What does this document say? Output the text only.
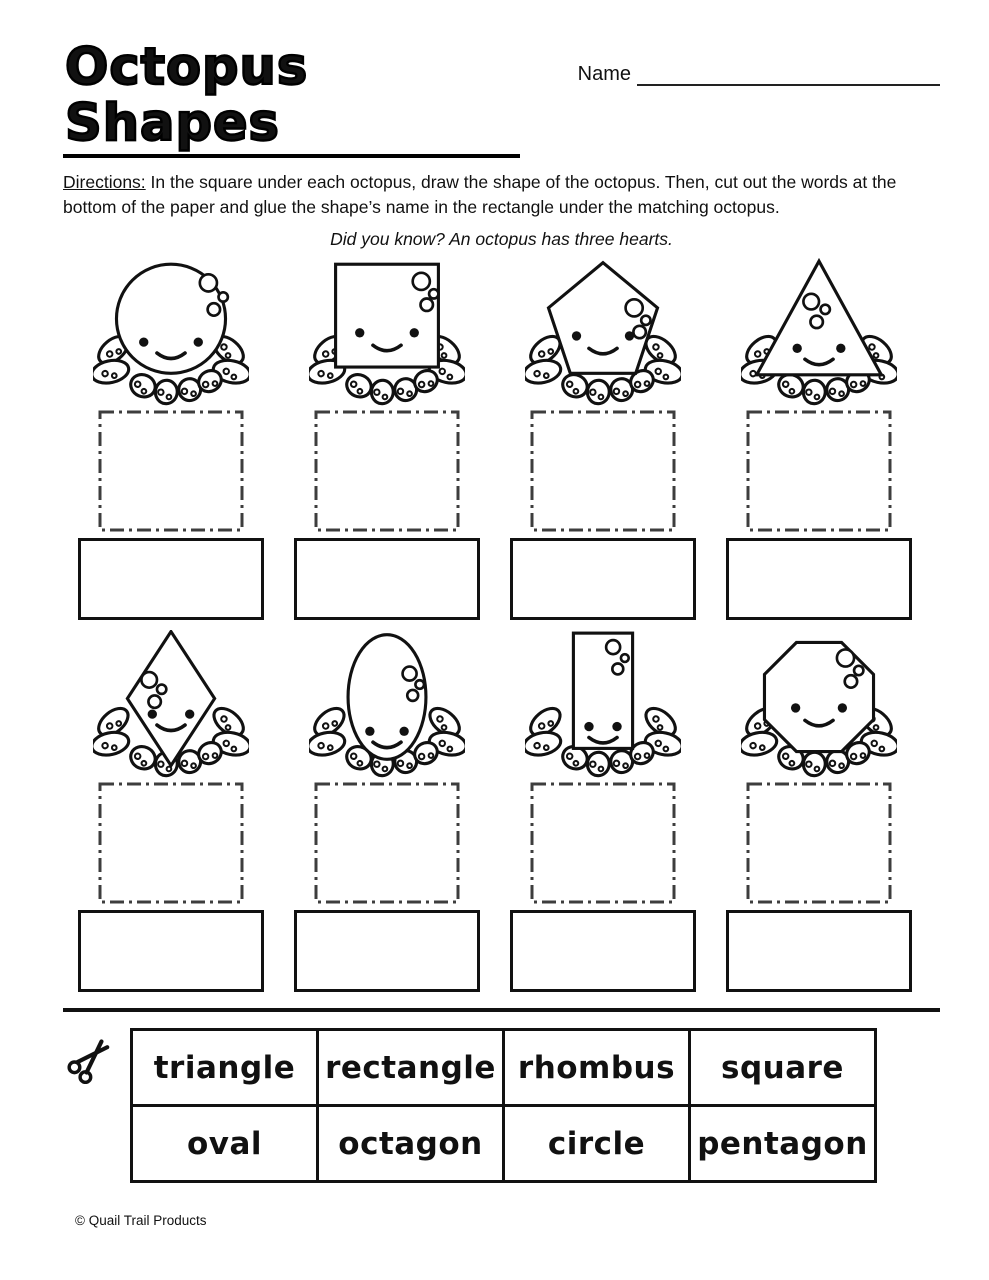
Octopus Shapes
Name

Directions: In the square under each octopus, draw the shape of the octopus. Then, cut out the words at the bottom of the paper and glue the shape’s name in the rectangle under the matching octopus.

Did you know? An octopus has three hearts.
triangle	rectangle	rhombus	square
oval	octagon	circle	pentagon
© Quail Trail Products
